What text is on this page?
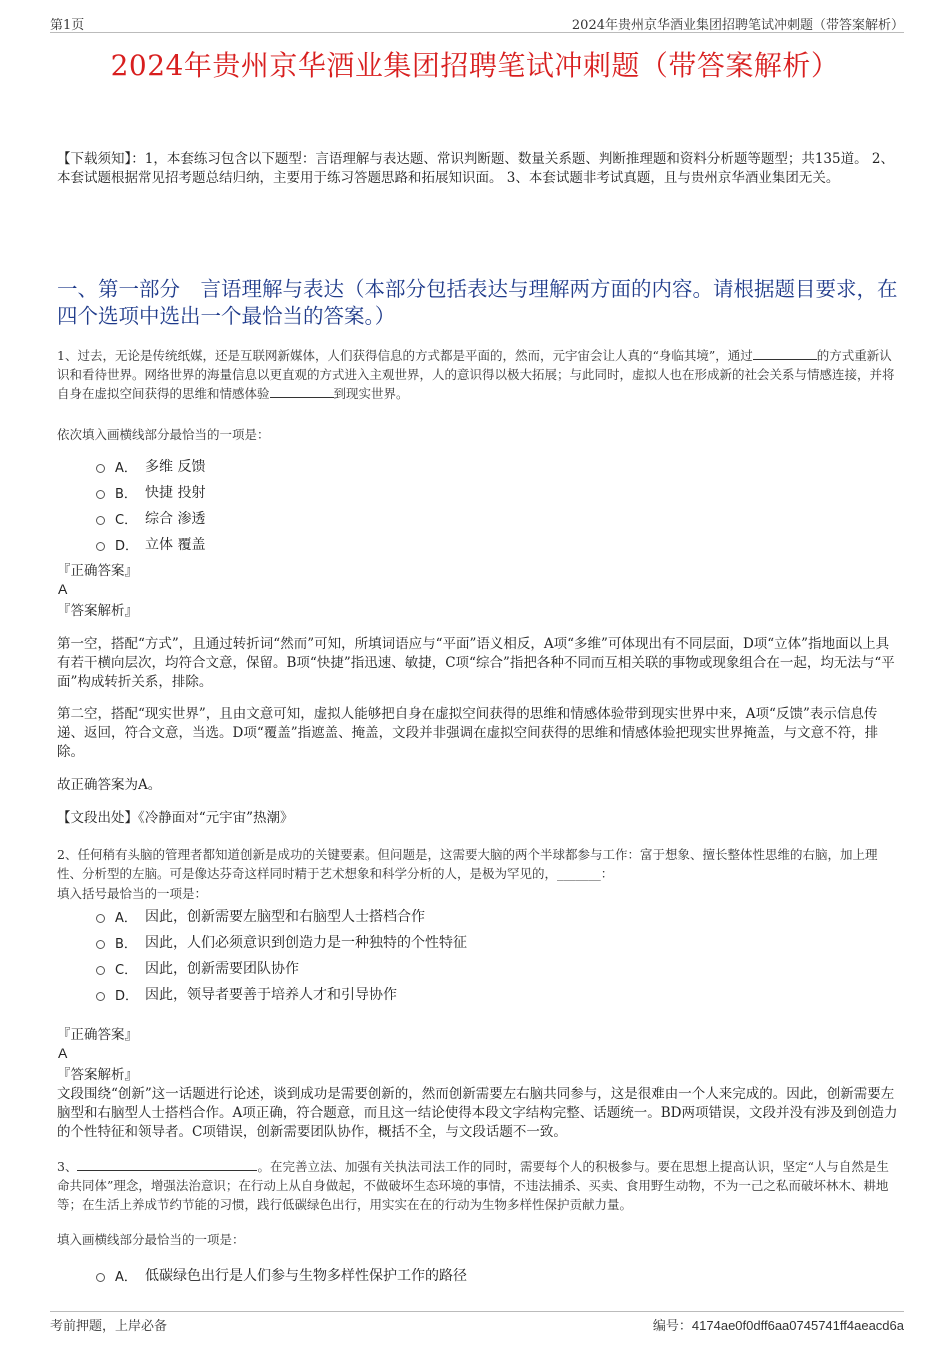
第1页	2024年贵州京华酒业集团招聘笔试冲刺题（带答案解析）
2024年贵州京华酒业集团招聘笔试冲刺题（带答案解析）
【下载须知】：1，本套练习包含以下题型：言语理解与表达题、常识判断题、数量关系题、判断推理题和资料分析题等题型；共135道。 2、本套试题根据常见招考题总结归纳，主要用于练习答题思路和拓展知识面。 3、本套试题非考试真题，且与贵州京华酒业集团无关。
一、第一部分　言语理解与表达（本部分包括表达与理解两方面的内容。请根据题目要求，在四个选项中选出一个最恰当的答案。）
1、过去，无论是传统纸媒，还是互联网新媒体，人们获得信息的方式都是平面的，然而，元宇宙会让人真的“身临其境”，通过	的方式重新认识和看待世界。网络世界的海量信息以更直观的方式进入主观世界，人的意识得以极大拓展；与此同时，虚拟人也在形成新的社会关系与情感连接，并将自身在虚拟空间获得的思维和情感体验	到现实世界。
依次填入画横线部分最恰当的一项是：
A． 多维 反馈
B． 快捷 投射
C． 综合 渗透
D． 立体 覆盖
『正确答案』
A
『答案解析』
第一空，搭配“方式”，且通过转折词“然而”可知，所填词语应与“平面”语义相反，A项“多维”可体现出有不同层面，D项“立体”指地面以上具有若干横向层次，均符合文意，保留。B项“快捷”指迅速、敏捷，C项“综合”指把各种不同而互相关联的事物或现象组合在一起，均无法与“平面”构成转折关系，排除。
第二空，搭配“现实世界”，且由文意可知，虚拟人能够把自身在虚拟空间获得的思维和情感体验带到现实世界中来，A项“反馈”表示信息传递、返回，符合文意，当选。D项“覆盖”指遮盖、掩盖，文段并非强调在虚拟空间获得的思维和情感体验把现实世界掩盖，与文意不符，排除。
故正确答案为A。
【文段出处】《冷静面对“元宇宙”热潮》
2、任何稍有头脑的管理者都知道创新是成功的关键要素。但问题是，这需要大脑的两个半球都参与工作：富于想象、擅长整体性思维的右脑，加上理性、分析型的左脑。可是像达芬奇这样同时精于艺术想象和科学分析的人，是极为罕见的，_______：
填入括号最恰当的一项是：
A． 因此，创新需要左脑型和右脑型人士搭档合作
B． 因此，人们必须意识到创造力是一种独特的个性特征
C． 因此，创新需要团队协作
D． 因此，领导者要善于培养人才和引导协作
『正确答案』
A
『答案解析』
文段围绕“创新”这一话题进行论述，谈到成功是需要创新的，然而创新需要左右脑共同参与，这是很难由一个人来完成的。因此，创新需要左脑型和右脑型人士搭档合作。A项正确，符合题意，而且这一结论使得本段文字结构完整、话题统一。BD两项错误，文段并没有涉及到创造力的个性特征和领导者。C项错误，创新需要团队协作，概括不全，与文段话题不一致。
3、	。在完善立法、加强有关执法司法工作的同时，需要每个人的积极参与。要在思想上提高认识，坚定“人与自然是生命共同体”理念，增强法治意识；在行动上从自身做起，不做破坏生态环境的事情，不违法捕杀、买卖、食用野生动物，不为一己之私而破坏林木、耕地等；在生活上养成节约节能的习惯，践行低碳绿色出行，用实实在在的行动为生物多样性保护贡献力量。
填入画横线部分最恰当的一项是：
A． 低碳绿色出行是人们参与生物多样性保护工作的路径
考前押题，上岸必备	编号：4174ae0f0dff6aa0745741ff4aeacd6a
